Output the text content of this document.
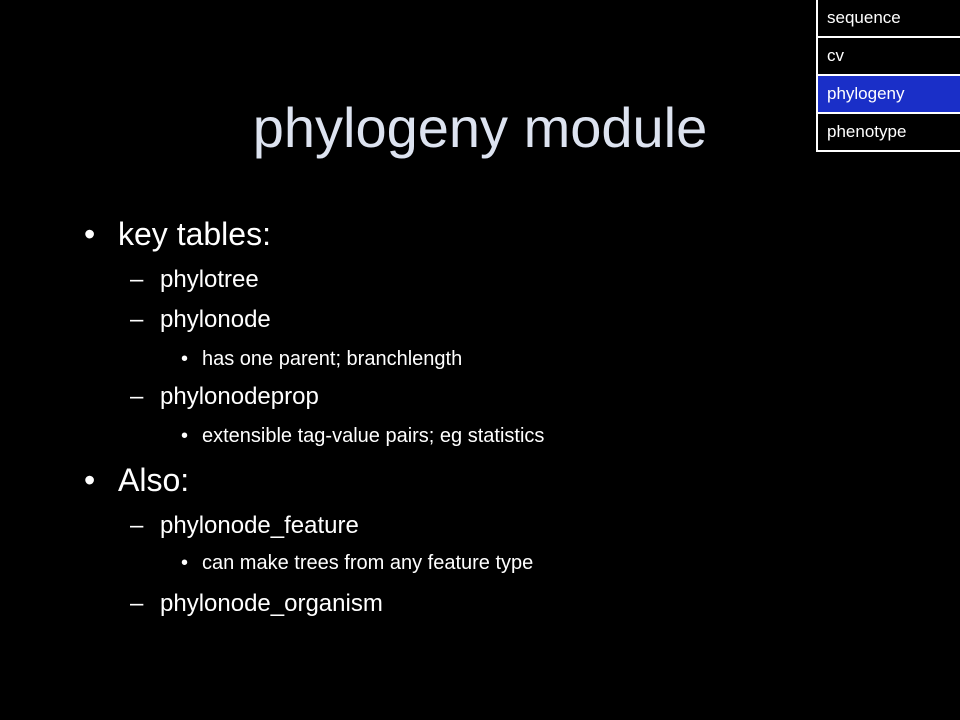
phylogeny module
sequence
cv
phylogeny
phenotype
• key tables:
– phylotree
– phylonode
• has one parent; branchlength
– phylonodeprop
• extensible tag-value pairs; eg statistics
• Also:
– phylonode_feature
• can make trees from any feature type
– phylonode_organism
